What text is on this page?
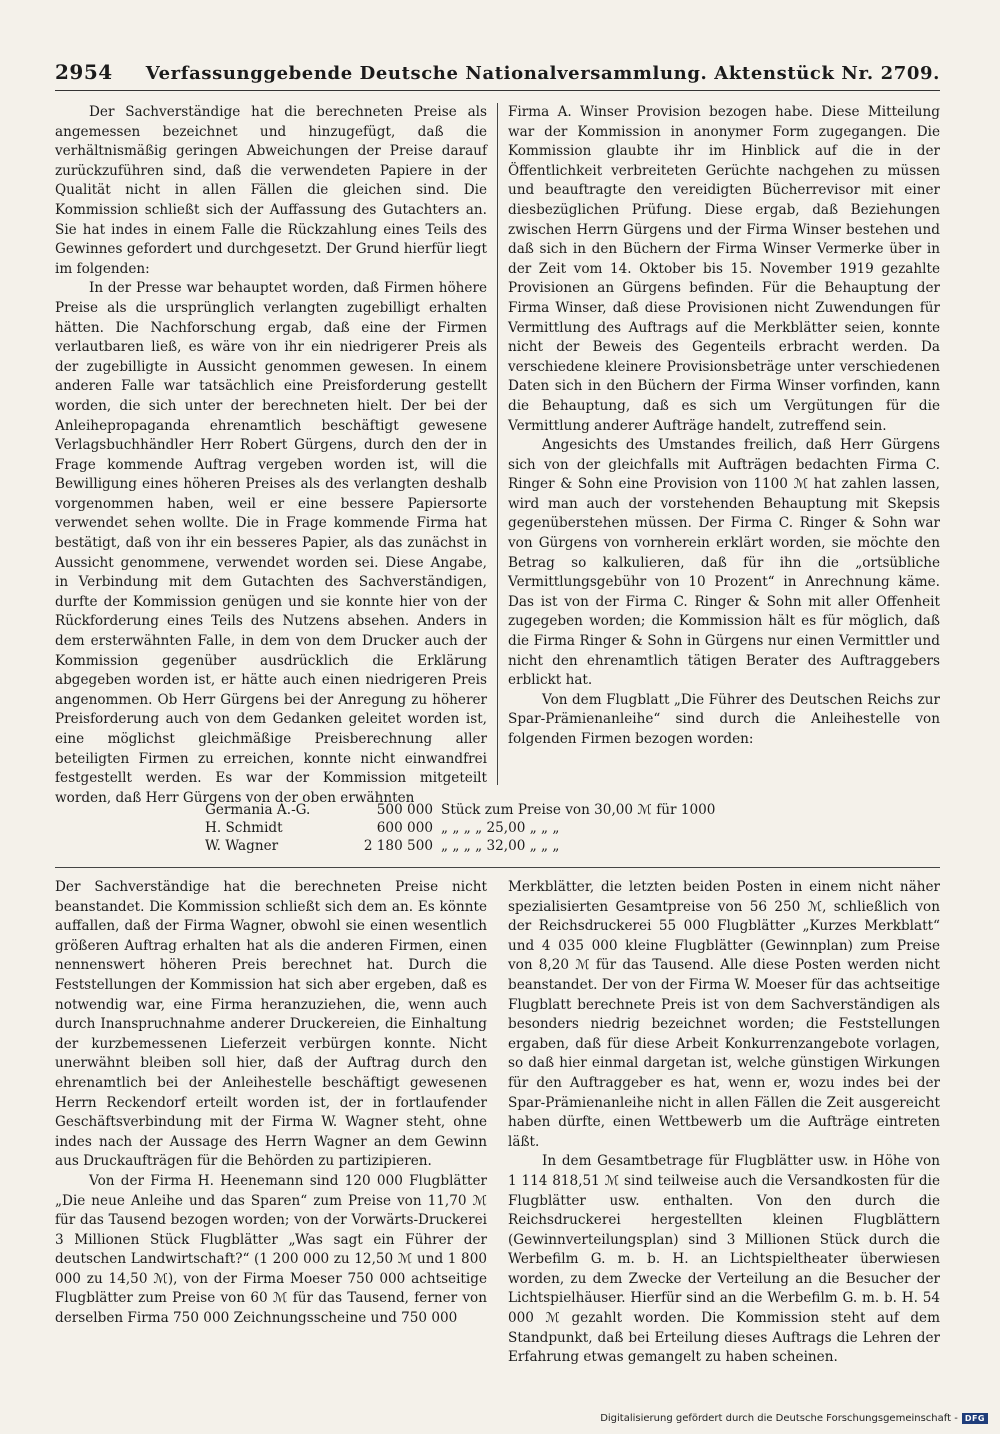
2954 Verfassunggebende Deutsche Nationalversammlung. Aktenstück Nr. 2709.

Der Sachverständige hat die berechneten Preise als angemessen bezeichnet und hinzugefügt, daß die verhältnismäßig geringen Abweichungen der Preise darauf zurückzuführen sind, daß die verwendeten Papiere in der Qualität nicht in allen Fällen die gleichen sind. Die Kommission schließt sich der Auffassung des Gutachters an. Sie hat indes in einem Falle die Rückzahlung eines Teils des Gewinnes gefordert und durchgesetzt. Der Grund hierfür liegt im folgenden:

In der Presse war behauptet worden, daß Firmen höhere Preise als die ursprünglich verlangten zugebilligt erhalten hätten. Die Nachforschung ergab, daß eine der Firmen verlautbaren ließ, es wäre von ihr ein niedrigerer Preis als der zugebilligte in Aussicht genommen gewesen. In einem anderen Falle war tatsächlich eine Preisforderung gestellt worden, die sich unter der berechneten hielt. Der bei der Anleihepropaganda ehrenamtlich beschäftigt gewesene Verlagsbuchhändler Herr Robert Gürgens, durch den der in Frage kommende Auftrag vergeben worden ist, will die Bewilligung eines höheren Preises als des verlangten deshalb vorgenommen haben, weil er eine bessere Papiersorte verwendet sehen wollte. Die in Frage kommende Firma hat bestätigt, daß von ihr ein besseres Papier, als das zunächst in Aussicht genommene, verwendet worden sei. Diese Angabe, in Verbindung mit dem Gutachten des Sachverständigen, durfte der Kommission genügen und sie konnte hier von der Rückforderung eines Teils des Nutzens absehen. Anders in dem ersterwähnten Falle, in dem von dem Drucker auch der Kommission gegenüber ausdrücklich die Erklärung abgegeben worden ist, er hätte auch einen niedrigeren Preis angenommen. Ob Herr Gürgens bei der Anregung zu höherer Preisforderung auch von dem Gedanken geleitet worden ist, eine möglichst gleichmäßige Preisberechnung aller beteiligten Firmen zu erreichen, konnte nicht einwandfrei festgestellt werden. Es war der Kommission mitgeteilt worden, daß Herr Gürgens von der oben erwähnten

Firma A. Winser Provision bezogen habe. Diese Mitteilung war der Kommission in anonymer Form zugegangen. Die Kommission glaubte ihr im Hinblick auf die in der Öffentlichkeit verbreiteten Gerüchte nachgehen zu müssen und beauftragte den vereidigten Bücherrevisor mit einer diesbezüglichen Prüfung. Diese ergab, daß Beziehungen zwischen Herrn Gürgens und der Firma Winser bestehen und daß sich in den Büchern der Firma Winser Vermerke über in der Zeit vom 14. Oktober bis 15. November 1919 gezahlte Provisionen an Gürgens befinden. Für die Behauptung der Firma Winser, daß diese Provisionen nicht Zuwendungen für Vermittlung des Auftrags auf die Merkblätter seien, konnte nicht der Beweis des Gegenteils erbracht werden. Da verschiedene kleinere Provisionsbeträge unter verschiedenen Daten sich in den Büchern der Firma Winser vorfinden, kann die Behauptung, daß es sich um Vergütungen für die Vermittlung anderer Aufträge handelt, zutreffend sein.

Angesichts des Umstandes freilich, daß Herr Gürgens sich von der gleichfalls mit Aufträgen bedachten Firma C. Ringer & Sohn eine Provision von 1100 ℳ hat zahlen lassen, wird man auch der vorstehenden Behauptung mit Skepsis gegenüberstehen müssen. Der Firma C. Ringer & Sohn war von Gürgens von vornherein erklärt worden, sie möchte den Betrag so kalkulieren, daß für ihn die „ortsübliche Vermittlungsgebühr von 10 Prozent“ in Anrechnung käme. Das ist von der Firma C. Ringer & Sohn mit aller Offenheit zugegeben worden; die Kommission hält es für möglich, daß die Firma Ringer & Sohn in Gürgens nur einen Vermittler und nicht den ehrenamtlich tätigen Berater des Auftraggebers erblickt hat.

Von dem Flugblatt „Die Führer des Deutschen Reichs zur Spar-Prämienanleihe“ sind durch die Anleihestelle von folgenden Firmen bezogen worden:

Germania A.-G.	500 000 Stück zum Preise von 30,00 ℳ für 1000
H. Schmidt	600 000 „ „ „ „ 25,00 „ „ „
W. Wagner	2 180 500 „ „ „ „ 32,00 „ „ „

Der Sachverständige hat die berechneten Preise nicht beanstandet. Die Kommission schließt sich dem an. Es könnte auffallen, daß der Firma Wagner, obwohl sie einen wesentlich größeren Auftrag erhalten hat als die anderen Firmen, einen nennenswert höheren Preis berechnet hat. Durch die Feststellungen der Kommission hat sich aber ergeben, daß es notwendig war, eine Firma heranzuziehen, die, wenn auch durch Inanspruchnahme anderer Druckereien, die Einhaltung der kurzbemessenen Lieferzeit verbürgen konnte. Nicht unerwähnt bleiben soll hier, daß der Auftrag durch den ehrenamtlich bei der Anleihestelle beschäftigt gewesenen Herrn Reckendorf erteilt worden ist, der in fortlaufender Geschäftsverbindung mit der Firma W. Wagner steht, ohne indes nach der Aussage des Herrn Wagner an dem Gewinn aus Druckaufträgen für die Behörden zu partizipieren.

Von der Firma H. Heenemann sind 120 000 Flugblätter „Die neue Anleihe und das Sparen“ zum Preise von 11,70 ℳ für das Tausend bezogen worden; von der Vorwärts-Druckerei 3 Millionen Stück Flugblätter „Was sagt ein Führer der deutschen Landwirtschaft?“ (1 200 000 zu 12,50 ℳ und 1 800 000 zu 14,50 ℳ), von der Firma Moeser 750 000 achtseitige Flugblätter zum Preise von 60 ℳ für das Tausend, ferner von derselben Firma 750 000 Zeichnungsscheine und 750 000

Merkblätter, die letzten beiden Posten in einem nicht näher spezialisierten Gesamtpreise von 56 250 ℳ, schließlich von der Reichsdruckerei 55 000 Flugblätter „Kurzes Merkblatt“ und 4 035 000 kleine Flugblätter (Gewinnplan) zum Preise von 8,20 ℳ für das Tausend. Alle diese Posten werden nicht beanstandet. Der von der Firma W. Moeser für das achtseitige Flugblatt berechnete Preis ist von dem Sachverständigen als besonders niedrig bezeichnet worden; die Feststellungen ergaben, daß für diese Arbeit Konkurrenzangebote vorlagen, so daß hier einmal dargetan ist, welche günstigen Wirkungen für den Auftraggeber es hat, wenn er, wozu indes bei der Spar-Prämienanleihe nicht in allen Fällen die Zeit ausgereicht haben dürfte, einen Wettbewerb um die Aufträge eintreten läßt.

In dem Gesamtbetrage für Flugblätter usw. in Höhe von 1 114 818,51 ℳ sind teilweise auch die Versandkosten für die Flugblätter usw. enthalten. Von den durch die Reichsdruckerei hergestellten kleinen Flugblättern (Gewinnverteilungsplan) sind 3 Millionen Stück durch die Werbefilm G. m. b. H. an Lichtspieltheater überwiesen worden, zu dem Zwecke der Verteilung an die Besucher der Lichtspielhäuser. Hierfür sind an die Werbefilm G. m. b. H. 54 000 ℳ gezahlt worden. Die Kommission steht auf dem Standpunkt, daß bei Erteilung dieses Auftrags die Lehren der Erfahrung etwas gemangelt zu haben scheinen.

Digitalisierung gefördert durch die Deutsche Forschungsgemeinschaft - DFG
